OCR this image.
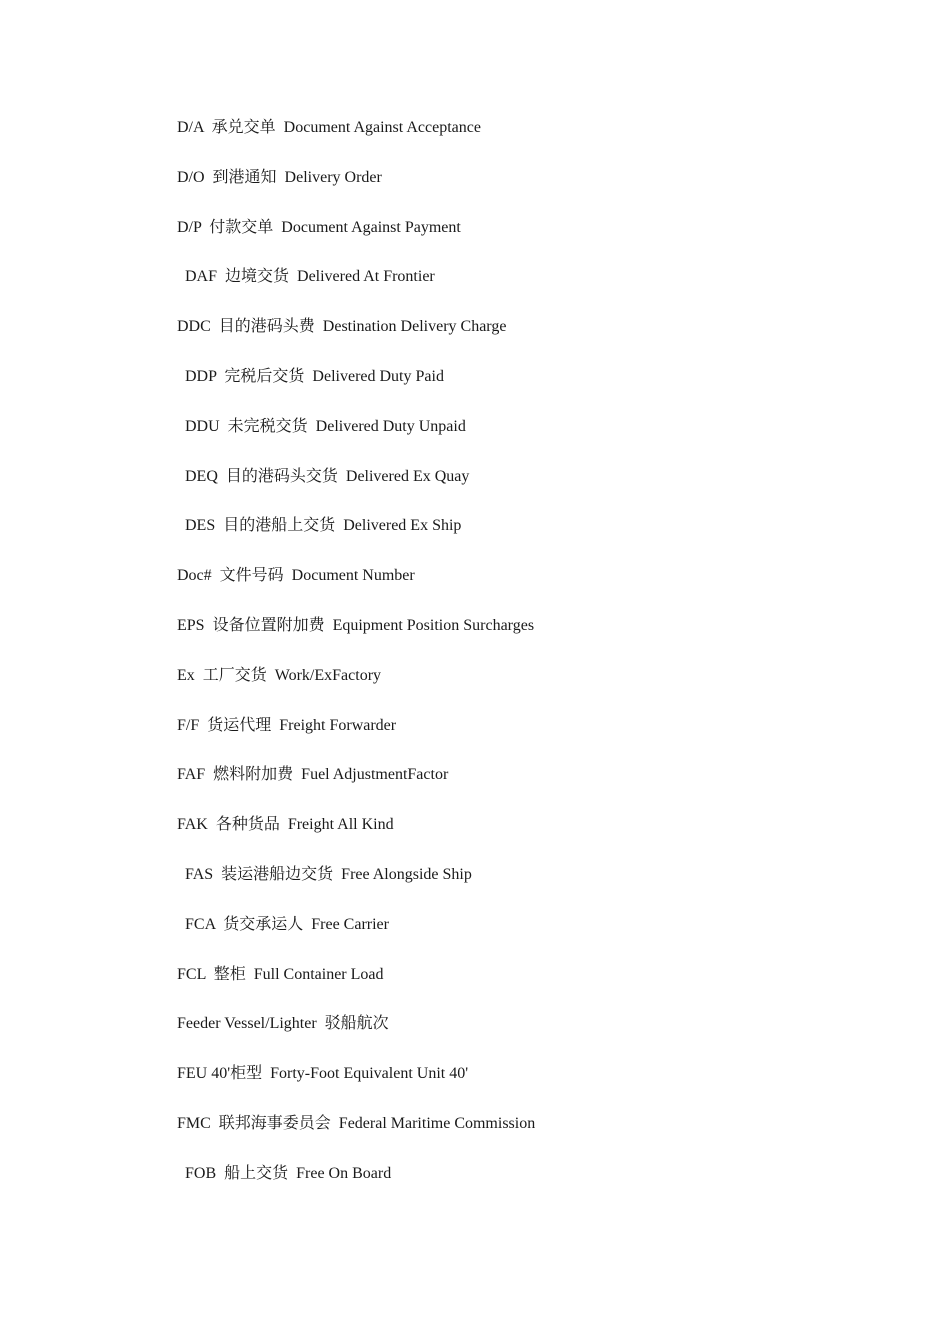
D/A  承兑交单  Document Against Acceptance
D/O  到港通知  Delivery Order
D/P  付款交单  Document Against Payment
DAF  边境交货  Delivered At Frontier
DDC  目的港码头费  Destination Delivery Charge
DDP  完税后交货  Delivered Duty Paid
DDU  未完税交货  Delivered Duty Unpaid
DEQ  目的港码头交货  Delivered Ex Quay
DES  目的港船上交货  Delivered Ex Ship
Doc#  文件号码  Document Number
EPS  设备位置附加费  Equipment Position Surcharges
Ex  工厂交货  Work/ExFactory
F/F  货运代理  Freight Forwarder
FAF  燃料附加费  Fuel AdjustmentFactor
FAK  各种货品  Freight All Kind
FAS  装运港船边交货  Free Alongside Ship
FCA  货交承运人  Free Carrier
FCL  整柜  Full Container Load
Feeder Vessel/Lighter  驳船航次
FEU 40'柜型  Forty-Foot Equivalent Unit 40'
FMC  联邦海事委员会  Federal Maritime Commission
FOB  船上交货  Free On Board
